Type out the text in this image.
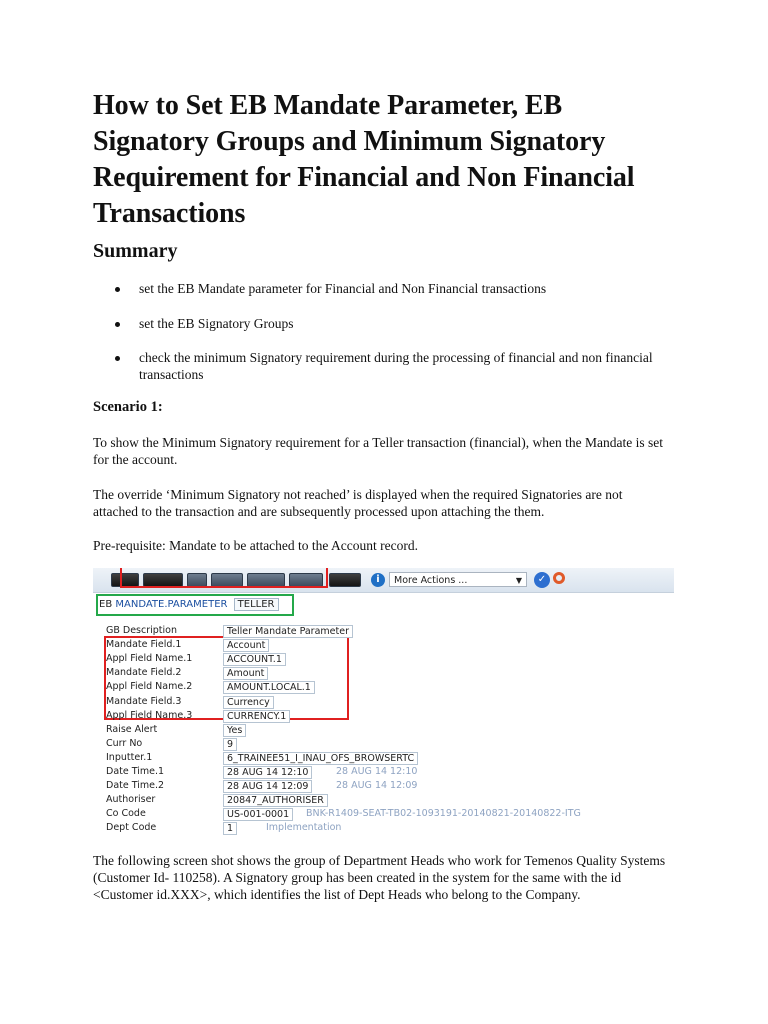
How to Set EB Mandate Parameter, EB Signatory Groups and Minimum Signatory Requirement for Financial and Non Financial Transactions
Summary
set the EB Mandate parameter for Financial and Non Financial transactions
set the EB Signatory Groups
check the minimum Signatory requirement during the processing of financial and non financial transactions
Scenario 1:

To show the Minimum Signatory requirement for a Teller transaction (financial), when the Mandate is set for the account.

The override ‘Minimum Signatory not reached’ is displayed when the required Signatories are not attached to the transaction and are subsequently processed upon attaching the them.

Pre-requisite: Mandate to be attached to the Account record.

i	More Actions ...	▼	✓
EB MANDATE.PARAMETER TELLER
GB Description	Teller Mandate Parameter
Mandate Field.1	Account
Appl Field Name.1	ACCOUNT.1
Mandate Field.2	Amount
Appl Field Name.2	AMOUNT.LOCAL.1
Mandate Field.3	Currency
Appl Field Name.3	CURRENCY.1
Raise Alert	Yes
Curr No	9
Inputter.1	6_TRAINEE51_I_INAU_OFS_BROWSERTC
Date Time.1	28 AUG 14 12:10	28 AUG 14 12:10
Date Time.2	28 AUG 14 12:09	28 AUG 14 12:09
Authoriser	20847_AUTHORISER
Co Code	US-001-0001	BNK-R1409-SEAT-TB02-1093191-20140821-20140822-ITG
Dept Code	1	Implementation

The following screen shot shows the group of Department Heads who work for Temenos Quality Systems (Customer Id- 110258). A Signatory group has been created in the system for the same with the id <Customer id.XXX>, which identifies the list of Dept Heads who belong to the Company.
